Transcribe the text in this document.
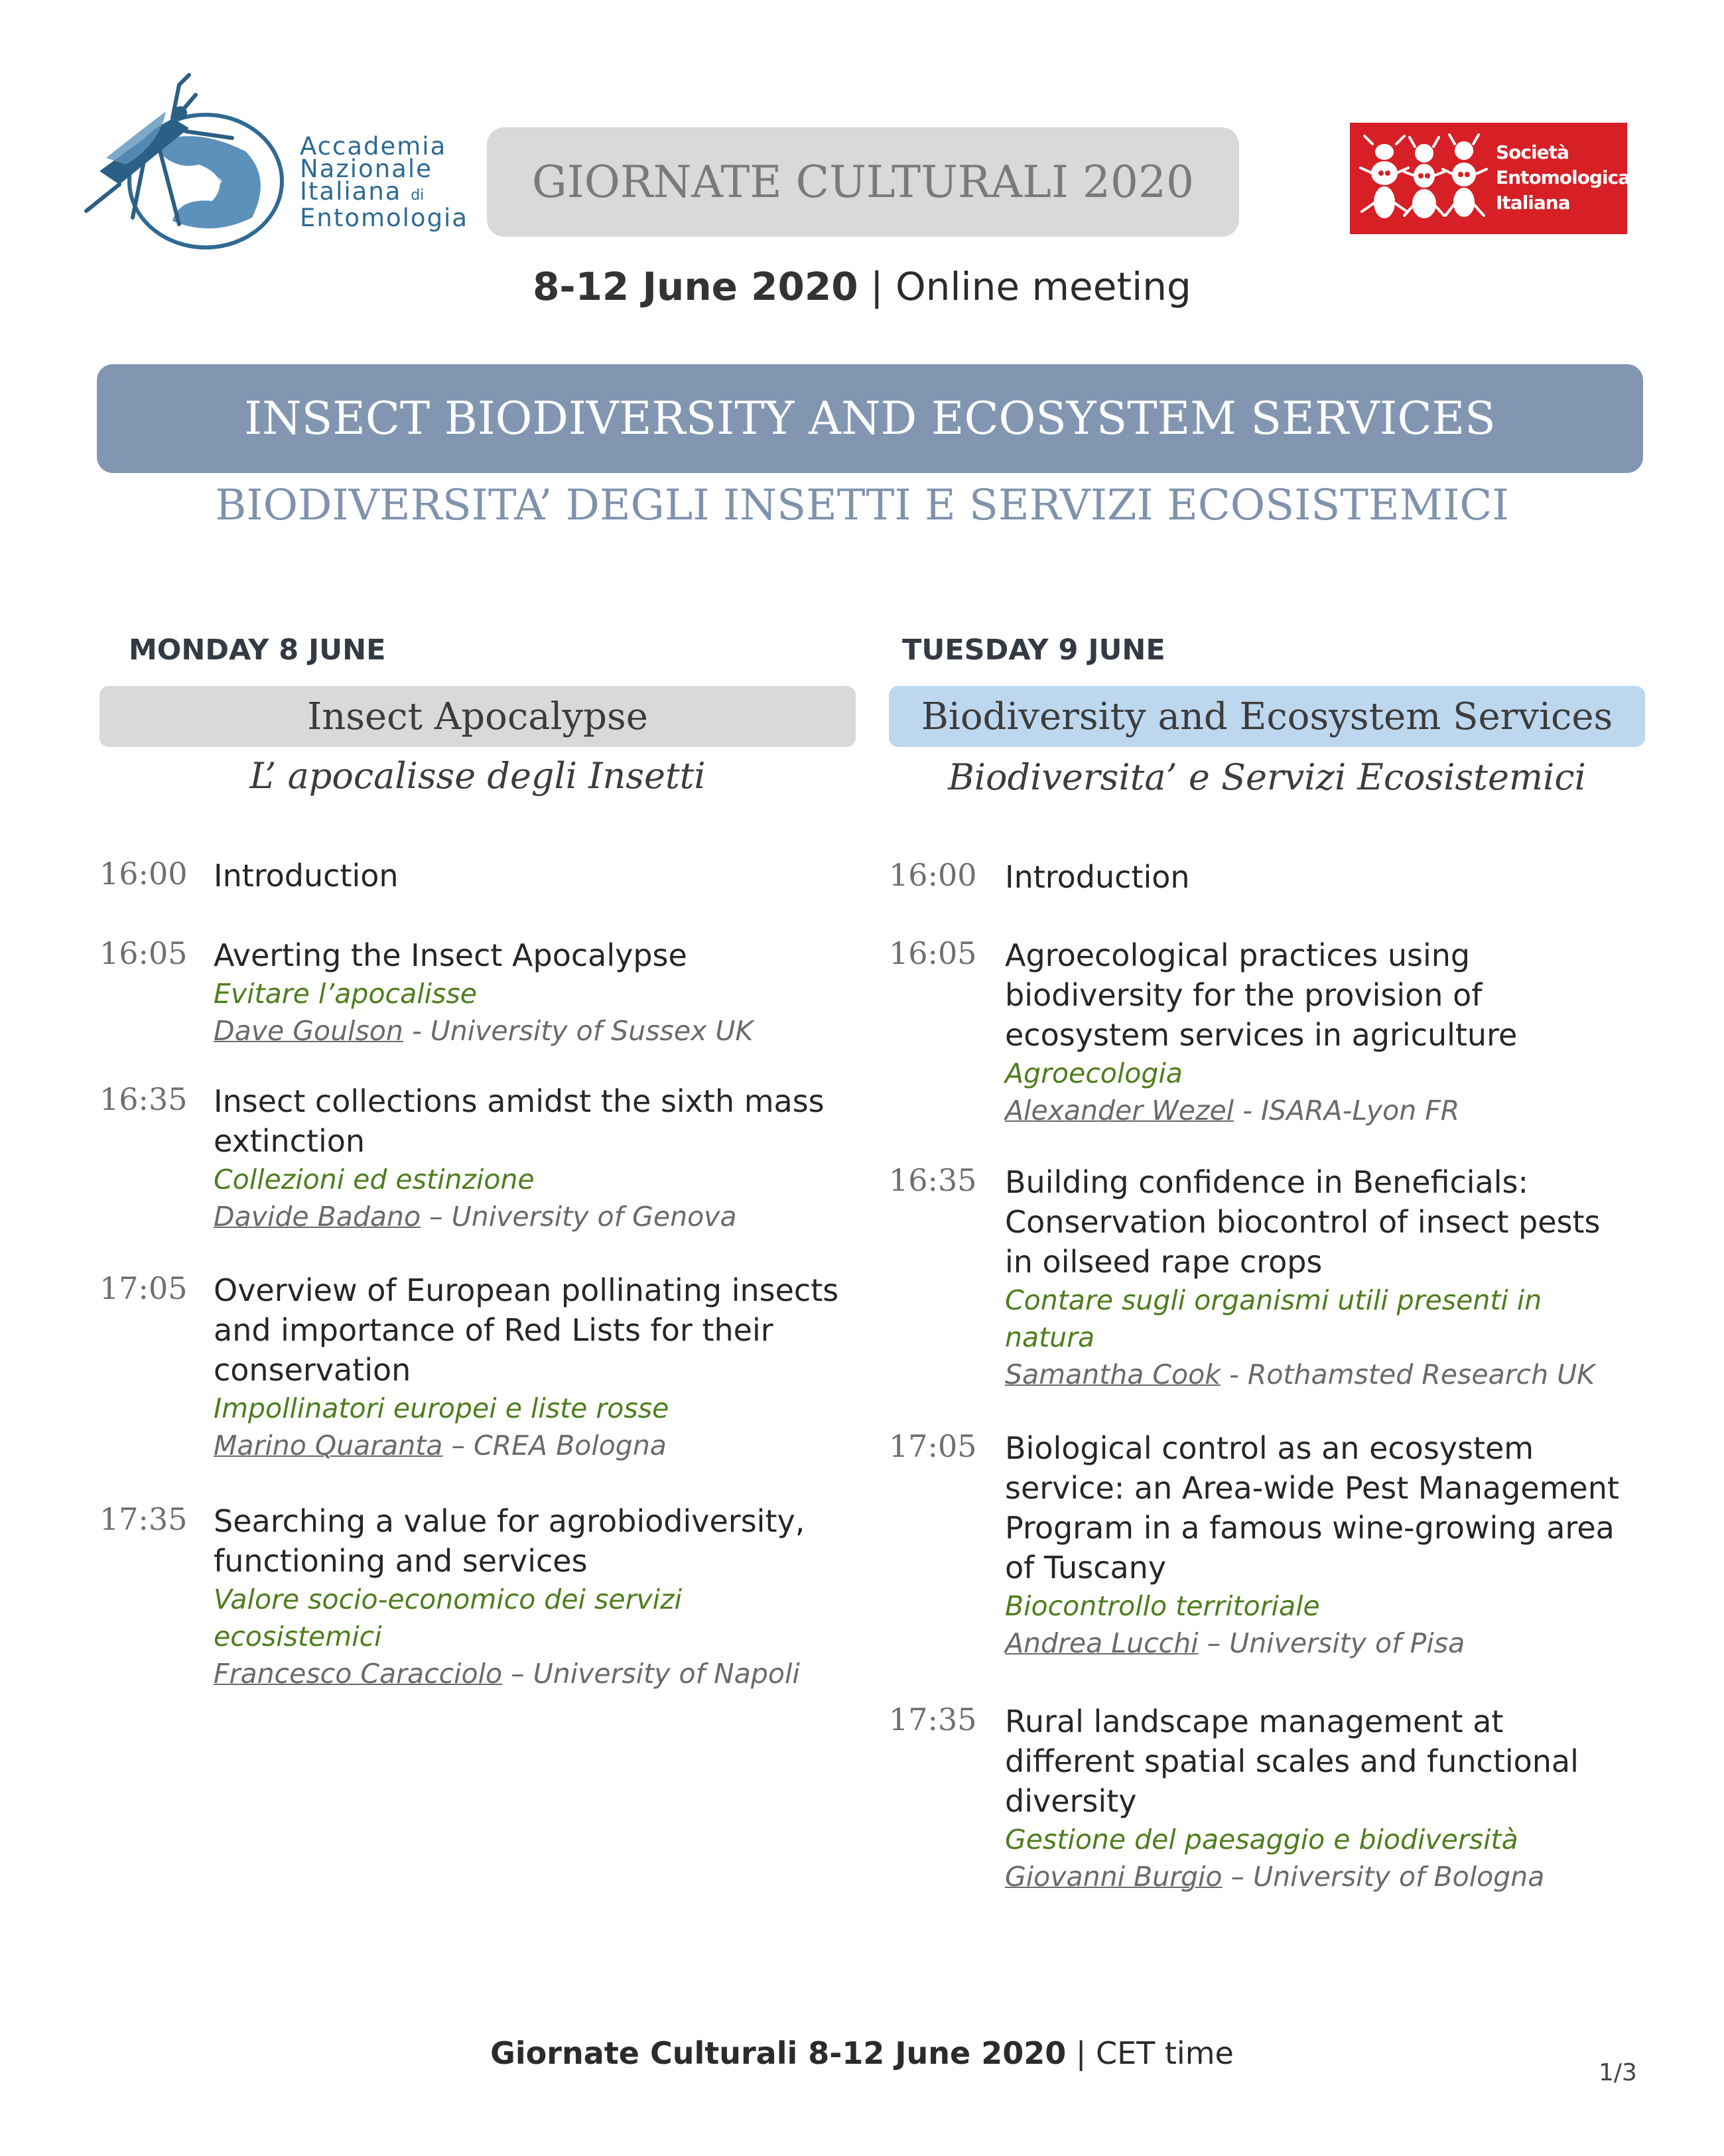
Accademia
Nazionale
Italiana di
Entomologia
GIORNATE CULTURALI 2020
Società
Entomologica
Italiana
8-12 June 2020 | Online meeting
INSECT BIODIVERSITY AND ECOSYSTEM SERVICES
BIODIVERSITA’ DEGLI INSETTI E SERVIZI ECOSISTEMICI
MONDAY 8 JUNE
Insect Apocalypse
L’ apocalisse degli Insetti
TUESDAY 9 JUNE
Biodiversity and Ecosystem Services
Biodiversita’ e Servizi Ecosistemici
16:00 Introduction
16:05 Averting the Insect Apocalypse
Evitare l’apocalisse
Dave Goulson - University of Sussex UK
16:35 Insect collections amidst the sixth mass
extinction
Collezioni ed estinzione
Davide Badano – University of Genova
17:05 Overview of European pollinating insects
and importance of Red Lists for their
conservation
Impollinatori europei e liste rosse
Marino Quaranta – CREA Bologna
17:35 Searching a value for agrobiodiversity,
functioning and services
Valore socio-economico dei servizi
ecosistemici
Francesco Caracciolo – University of Napoli
16:00 Introduction
16:05 Agroecological practices using
biodiversity for the provision of
ecosystem services in agriculture
Agroecologia
Alexander Wezel - ISARA-Lyon FR
16:35 Building confidence in Beneficials:
Conservation biocontrol of insect pests
in oilseed rape crops
Contare sugli organismi utili presenti in
natura
Samantha Cook - Rothamsted Research UK
17:05 Biological control as an ecosystem
service: an Area-wide Pest Management
Program in a famous wine-growing area
of Tuscany
Biocontrollo territoriale
Andrea Lucchi – University of Pisa
17:35 Rural landscape management at
different spatial scales and functional
diversity
Gestione del paesaggio e biodiversità
Giovanni Burgio – University of Bologna
Giornate Culturali 8-12 June 2020 | CET time
1/3
